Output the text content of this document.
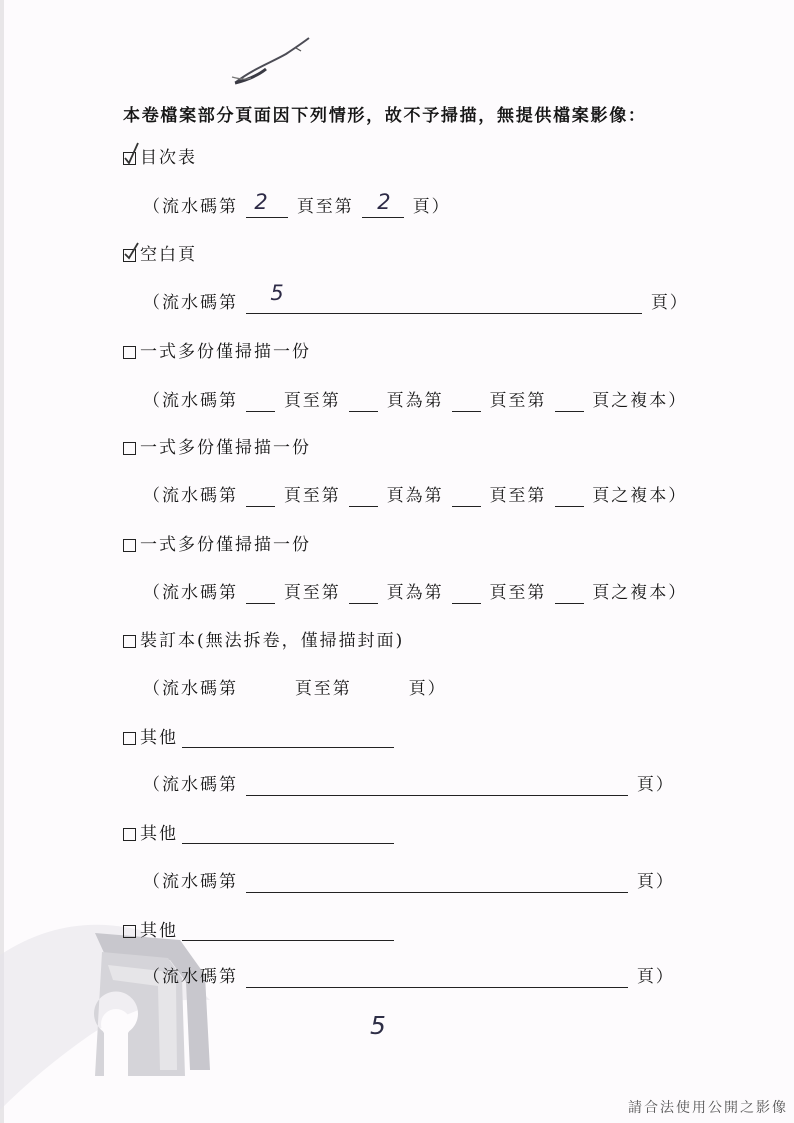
本卷檔案部分頁面因下列情形，故不予掃描，無提供檔案影像：
目次表
（流水碼第 2 頁至第 2 頁）
空白頁
（流水碼第 5	頁）
一式多份僅掃描一份
（流水碼第	頁至第	頁為第	頁至第	頁之複本）
一式多份僅掃描一份
（流水碼第	頁至第	頁為第	頁至第	頁之複本）
一式多份僅掃描一份
（流水碼第	頁至第	頁為第	頁至第	頁之複本）
裝訂本(無法拆卷，僅掃描封面)
（流水碼第	頁至第	頁）
其他
（流水碼第	頁）
其他
（流水碼第	頁）
其他
（流水碼第	頁）
5
請合法使用公開之影像
